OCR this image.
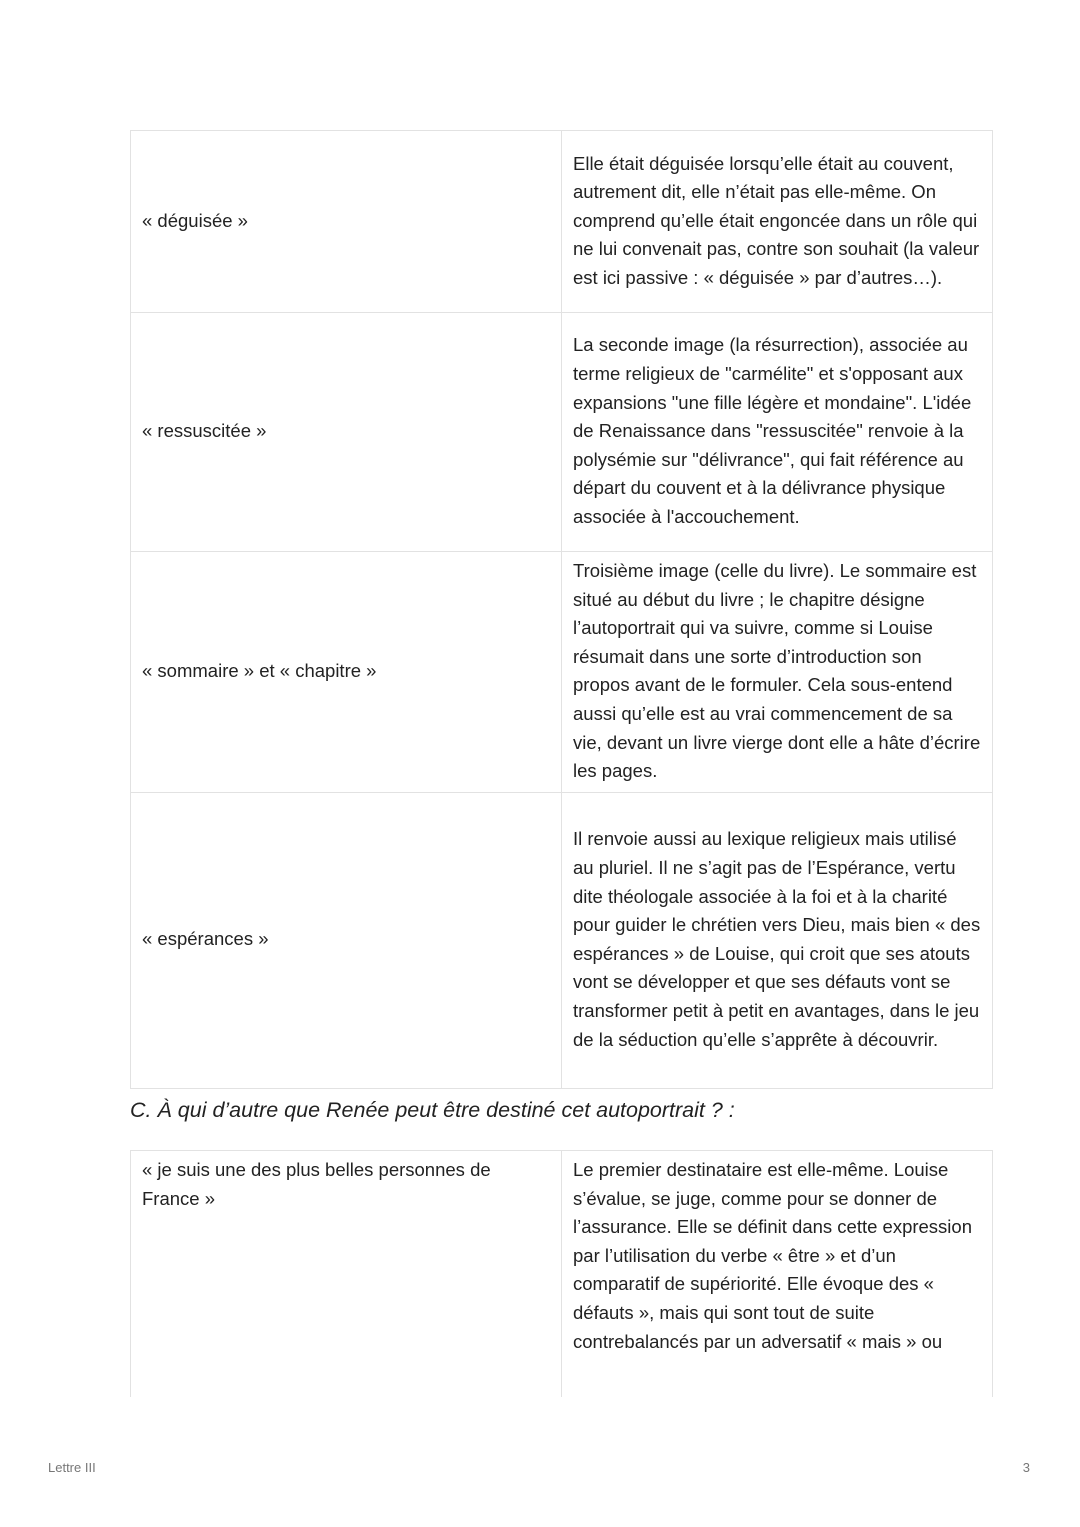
« déguisée »	Elle était déguisée lorsqu’elle était au couvent, autrement dit, elle n’était pas elle-même. On comprend qu’elle était engoncée dans un rôle qui ne lui convenait pas, contre son souhait (la valeur est ici passive : « déguisée » par d’autres…).
« ressuscitée »	La seconde image (la résurrection), associée au terme religieux de "carmélite" et s'opposant aux expansions "une fille légère et mondaine". L'idée de Renaissance dans "ressuscitée" renvoie à la polysémie sur "délivrance", qui fait référence au départ du couvent et à la délivrance physique associée à l'accouchement.
« sommaire » et « chapitre »	Troisième image (celle du livre). Le sommaire est situé au début du livre ; le chapitre désigne l’autoportrait qui va suivre, comme si Louise résumait dans une sorte d’introduction son propos avant de le formuler. Cela sous-entend aussi qu’elle est au vrai commencement de sa vie, devant un livre vierge dont elle a hâte d’écrire les pages.
« espérances »	Il renvoie aussi au lexique religieux mais utilisé au pluriel. Il ne s’agit pas de l’Espérance, vertu dite théologale associée à la foi et à la charité pour guider le chrétien vers Dieu, mais bien « des espérances » de Louise, qui croit que ses atouts vont se développer et que ses défauts vont se transformer petit à petit en avantages, dans le jeu de la séduction qu’elle s’apprête à découvrir.
C. À qui d’autre que Renée peut être destiné cet autoportrait ? :
« je suis une des plus belles personnes de France »	Le premier destinataire est elle-même. Louise s’évalue, se juge, comme pour se donner de l’assurance. Elle se définit dans cette expression par l’utilisation du verbe « être » et d’un comparatif de supériorité. Elle évoque des « défauts », mais qui sont tout de suite contrebalancés par un adversatif « mais » ou
Lettre III	3
